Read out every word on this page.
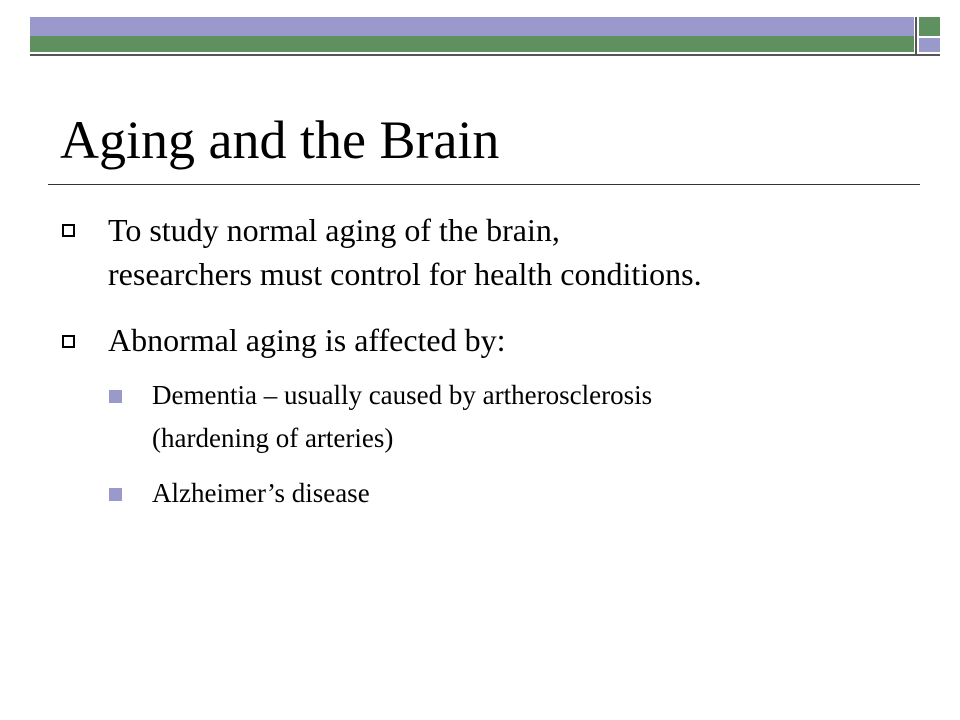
Aging and the Brain
To study normal aging of the brain,
researchers must control for health conditions.
Abnormal aging is affected by:
Dementia – usually caused by artherosclerosis
(hardening of arteries)
Alzheimer’s disease
